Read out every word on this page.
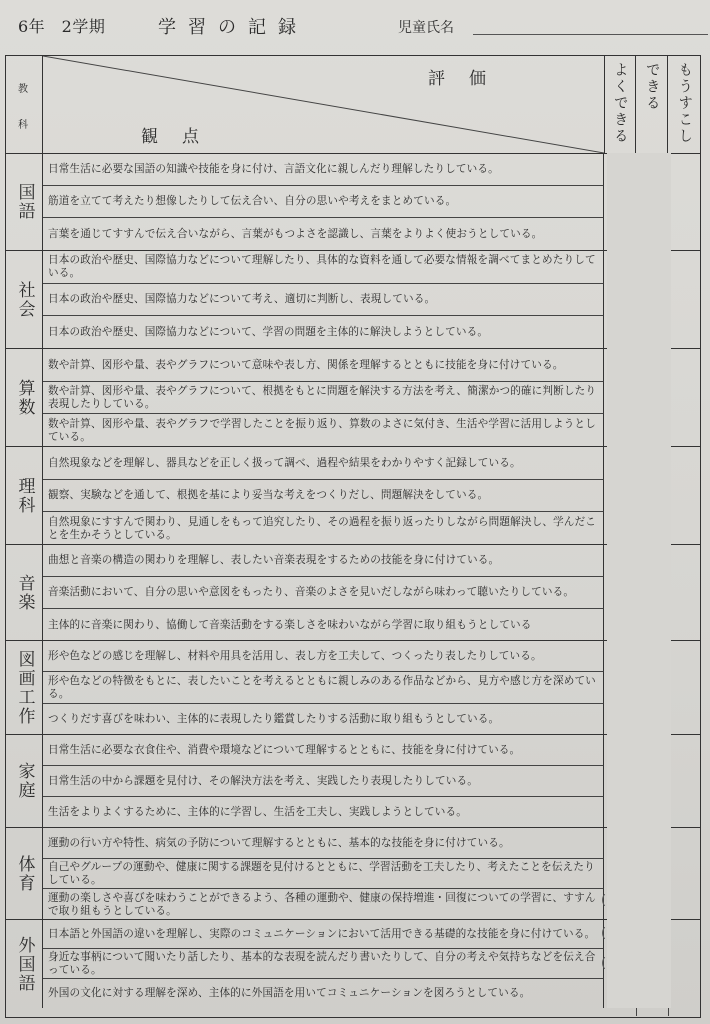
6年　2学期	学習の記録	児童氏名
教
科
評価
観点	よくできる できる もうすこし
国語
日常生活に必要な国語の知識や技能を身に付け、言語文化に親しんだり理解したりしている。
筋道を立てて考えたり想像したりして伝え合い、自分の思いや考えをまとめている。
言葉を通じてすすんで伝え合いながら、言葉がもつよさを認識し、言葉をよりよく使おうとしている。
社会
日本の政治や歴史、国際協力などについて理解したり、具体的な資料を通して必要な情報を調べてまとめたりしている。
日本の政治や歴史、国際協力などについて考え、適切に判断し、表現している。
日本の政治や歴史、国際協力などについて、学習の問題を主体的に解決しようとしている。
算数
数や計算、図形や量、表やグラフについて意味や表し方、関係を理解するとともに技能を身に付けている。
数や計算、図形や量、表やグラフについて、根拠をもとに問題を解決する方法を考え、簡潔かつ的確に判断したり表現したりしている。
数や計算、図形や量、表やグラフで学習したことを振り返り、算数のよさに気付き、生活や学習に活用しようとしている。
理科
自然現象などを理解し、器具などを正しく扱って調べ、過程や結果をわかりやすく記録している。
観察、実験などを通して、根拠を基により妥当な考えをつくりだし、問題解決をしている。
自然現象にすすんで関わり、見通しをもって追究したり、その過程を振り返ったりしながら問題解決し、学んだことを生かそうとしている。
音楽
曲想と音楽の構造の関わりを理解し、表したい音楽表現をするための技能を身に付けている。
音楽活動において、自分の思いや意図をもったり、音楽のよさを見いだしながら味わって聴いたりしている。
主体的に音楽に関わり、協働して音楽活動をする楽しさを味わいながら学習に取り組もうとしている
図画工作	形や色などの感じを理解し、材料や用具を活用し、表し方を工夫して、つくったり表したりしている。
形や色などの特徴をもとに、表したいことを考えるとともに親しみのある作品などから、見方や感じ方を深めている。
つくりだす喜びを味わい、主体的に表現したり鑑賞したりする活動に取り組もうとしている。
家庭
日常生活に必要な衣食住や、消費や環境などについて理解するとともに、技能を身に付けている。
日常生活の中から課題を見付け、その解決方法を考え、実践したり表現したりしている。
生活をよりよくするために、主体的に学習し、生活を工夫し、実践しようとしている。
体育
運動の行い方や特性、病気の予防について理解するとともに、基本的な技能を身に付けている。
自己やグループの運動や、健康に関する課題を見付けるとともに、学習活動を工夫したり、考えたことを伝えたりしている。
運動の楽しさや喜びを味わうことができるよう、各種の運動や、健康の保持増進・回復についての学習に、すすんで取り組もうとしている。
外国語
日本語と外国語の違いを理解し、実際のコミュニケーションにおいて活用できる基礎的な技能を身に付けている。
身近な事柄について聞いたり話したり、基本的な表現を読んだり書いたりして、自分の考えや気持ちなどを伝え合っている。
外国の文化に対する理解を深め、主体的に外国語を用いてコミュニケーションを図ろうとしている。
(
(
(
